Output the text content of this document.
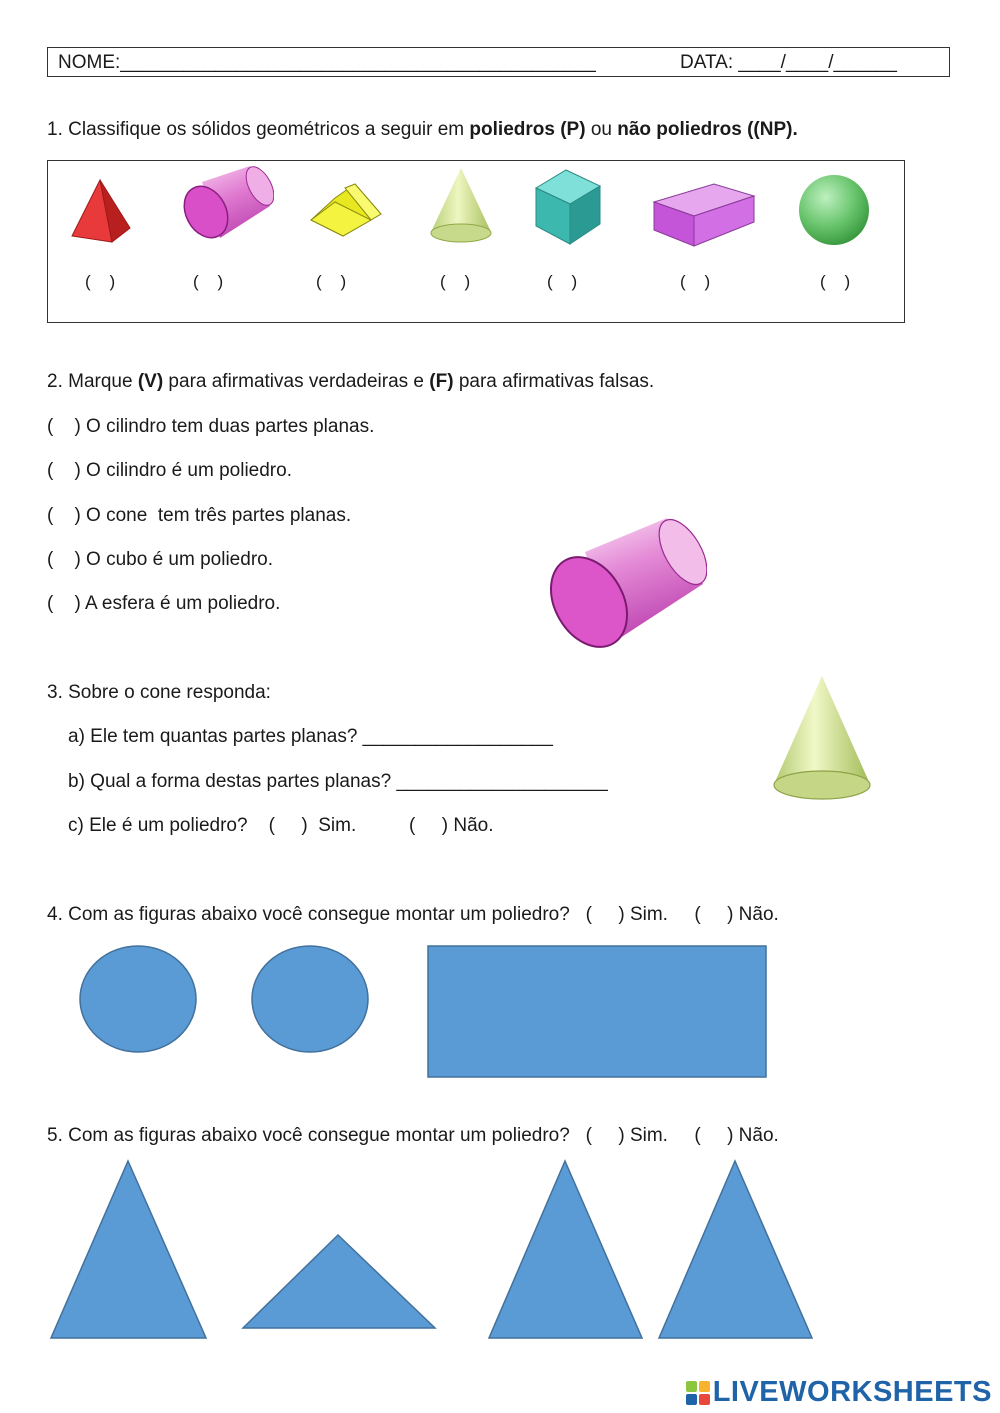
NOME:_____________________________________________	DATA: ____/____/______
1. Classifique os sólidos geométricos a seguir em poliedros (P) ou não poliedros ((NP).
(    )	(    )	(    )	(    )	(    )	(    )	(    )
2. Marque (V) para afirmativas verdadeiras e (F) para afirmativas falsas.
(    ) O cilindro tem duas partes planas.
(    ) O cilindro é um poliedro.
(    ) O cone  tem três partes planas.
(    ) O cubo é um poliedro.
(    ) A esfera é um poliedro.
3. Sobre o cone responda:
a) Ele tem quantas partes planas? __________________
b) Qual a forma destas partes planas? ____________________
c) Ele é um poliedro?    (     )  Sim.          (     ) Não.
4. Com as figuras abaixo você consegue montar um poliedro?   (     ) Sim.     (     ) Não.
5. Com as figuras abaixo você consegue montar um poliedro?   (     ) Sim.     (     ) Não.
LIVEWORKSHEETS
